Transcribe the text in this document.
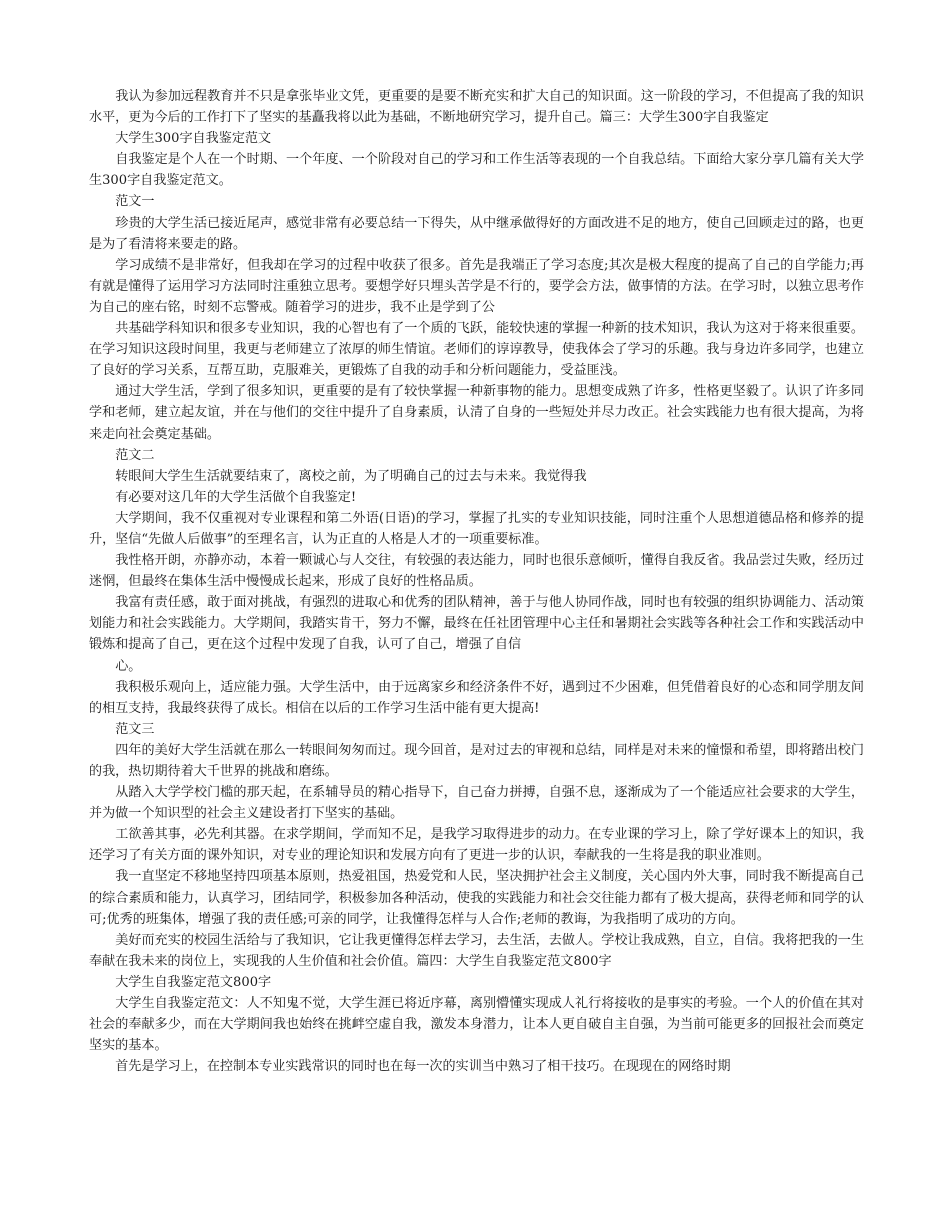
我认为参加远程教育并不只是拿张毕业文凭，更重要的是要不断充实和扩大自己的知识面。这一阶段的学习，不但提高了我的知识水平，更为今后的工作打下了坚实的基矗我将以此为基础，不断地研究学习，提升自己。篇三：大学生300字自我鉴定

大学生300字自我鉴定范文

自我鉴定是个人在一个时期、一个年度、一个阶段对自己的学习和工作生活等表现的一个自我总结。下面给大家分享几篇有关大学生300字自我鉴定范文。

范文一

珍贵的大学生活已接近尾声，感觉非常有必要总结一下得失，从中继承做得好的方面改进不足的地方，使自己回顾走过的路，也更是为了看清将来要走的路。

学习成绩不是非常好，但我却在学习的过程中收获了很多。首先是我端正了学习态度;其次是极大程度的提高了自己的自学能力;再有就是懂得了运用学习方法同时注重独立思考。要想学好只埋头苦学是不行的，要学会方法，做事情的方法。在学习时，以独立思考作为自己的座右铭，时刻不忘警戒。随着学习的进步，我不止是学到了公

共基础学科知识和很多专业知识，我的心智也有了一个质的飞跃，能较快速的掌握一种新的技术知识，我认为这对于将来很重要。在学习知识这段时间里，我更与老师建立了浓厚的师生情谊。老师们的谆谆教导，使我体会了学习的乐趣。我与身边许多同学，也建立了良好的学习关系，互帮互助，克服难关，更锻炼了自我的动手和分析问题能力，受益匪浅。

通过大学生活，学到了很多知识，更重要的是有了较快掌握一种新事物的能力。思想变成熟了许多，性格更坚毅了。认识了许多同学和老师，建立起友谊，并在与他们的交往中提升了自身素质，认清了自身的一些短处并尽力改正。社会实践能力也有很大提高，为将来走向社会奠定基础。

范文二

转眼间大学生生活就要结束了，离校之前，为了明确自己的过去与未来。我觉得我

有必要对这几年的大学生活做个自我鉴定!

大学期间，我不仅重视对专业课程和第二外语(日语)的学习，掌握了扎实的专业知识技能，同时注重个人思想道德品格和修养的提升，坚信“先做人后做事”的至理名言，认为正直的人格是人才的一项重要标准。

我性格开朗，亦静亦动，本着一颗诚心与人交往，有较强的表达能力，同时也很乐意倾听，懂得自我反省。我品尝过失败，经历过迷惘，但最终在集体生活中慢慢成长起来，形成了良好的性格品质。

我富有责任感，敢于面对挑战，有强烈的进取心和优秀的团队精神，善于与他人协同作战，同时也有较强的组织协调能力、活动策划能力和社会实践能力。大学期间，我踏实肯干，努力不懈，最终在任社团管理中心主任和暑期社会实践等各种社会工作和实践活动中锻炼和提高了自己，更在这个过程中发现了自我，认可了自己，增强了自信

心。

我积极乐观向上，适应能力强。大学生活中，由于远离家乡和经济条件不好，遇到过不少困难，但凭借着良好的心态和同学朋友间的相互支持，我最终获得了成长。相信在以后的工作学习生活中能有更大提高!

范文三

四年的美好大学生活就在那么一转眼间匆匆而过。现今回首，是对过去的审视和总结，同样是对未来的憧憬和希望，即将踏出校门的我，热切期待着大千世界的挑战和磨练。

从踏入大学学校门槛的那天起，在系辅导员的精心指导下，自己奋力拼搏，自强不息，逐渐成为了一个能适应社会要求的大学生，并为做一个知识型的社会主义建设者打下坚实的基础。

工欲善其事，必先利其器。在求学期间，学而知不足，是我学习取得进步的动力。在专业课的学习上，除了学好课本上的知识，我还学习了有关方面的课外知识，对专业的理论知识和发展方向有了更进一步的认识，奉献我的一生将是我的职业准则。

我一直坚定不移地坚持四项基本原则，热爱祖国，热爱党和人民，坚决拥护社会主义制度，关心国内外大事，同时我不断提高自己的综合素质和能力，认真学习，团结同学，积极参加各种活动，使我的实践能力和社会交往能力都有了极大提高，获得老师和同学的认可;优秀的班集体，增强了我的责任感;可亲的同学，让我懂得怎样与人合作;老师的教诲，为我指明了成功的方向。

美好而充实的校园生活给与了我知识，它让我更懂得怎样去学习，去生活，去做人。学校让我成熟，自立，自信。我将把我的一生奉献在我未来的岗位上，实现我的人生价值和社会价值。篇四：大学生自我鉴定范文800字

大学生自我鉴定范文800字

大学生自我鉴定范文：人不知鬼不觉，大学生涯已将近序幕，离别懵懂实现成人礼行将接收的是事实的考验。一个人的价值在其对社会的奉献多少，而在大学期间我也始终在挑衅空虚自我，激发本身潜力，让本人更自破自主自强，为当前可能更多的回报社会而奠定坚实的基本。

首先是学习上，在控制本专业实践常识的同时也在每一次的实训当中熟习了相干技巧。在现现在的网络时期
